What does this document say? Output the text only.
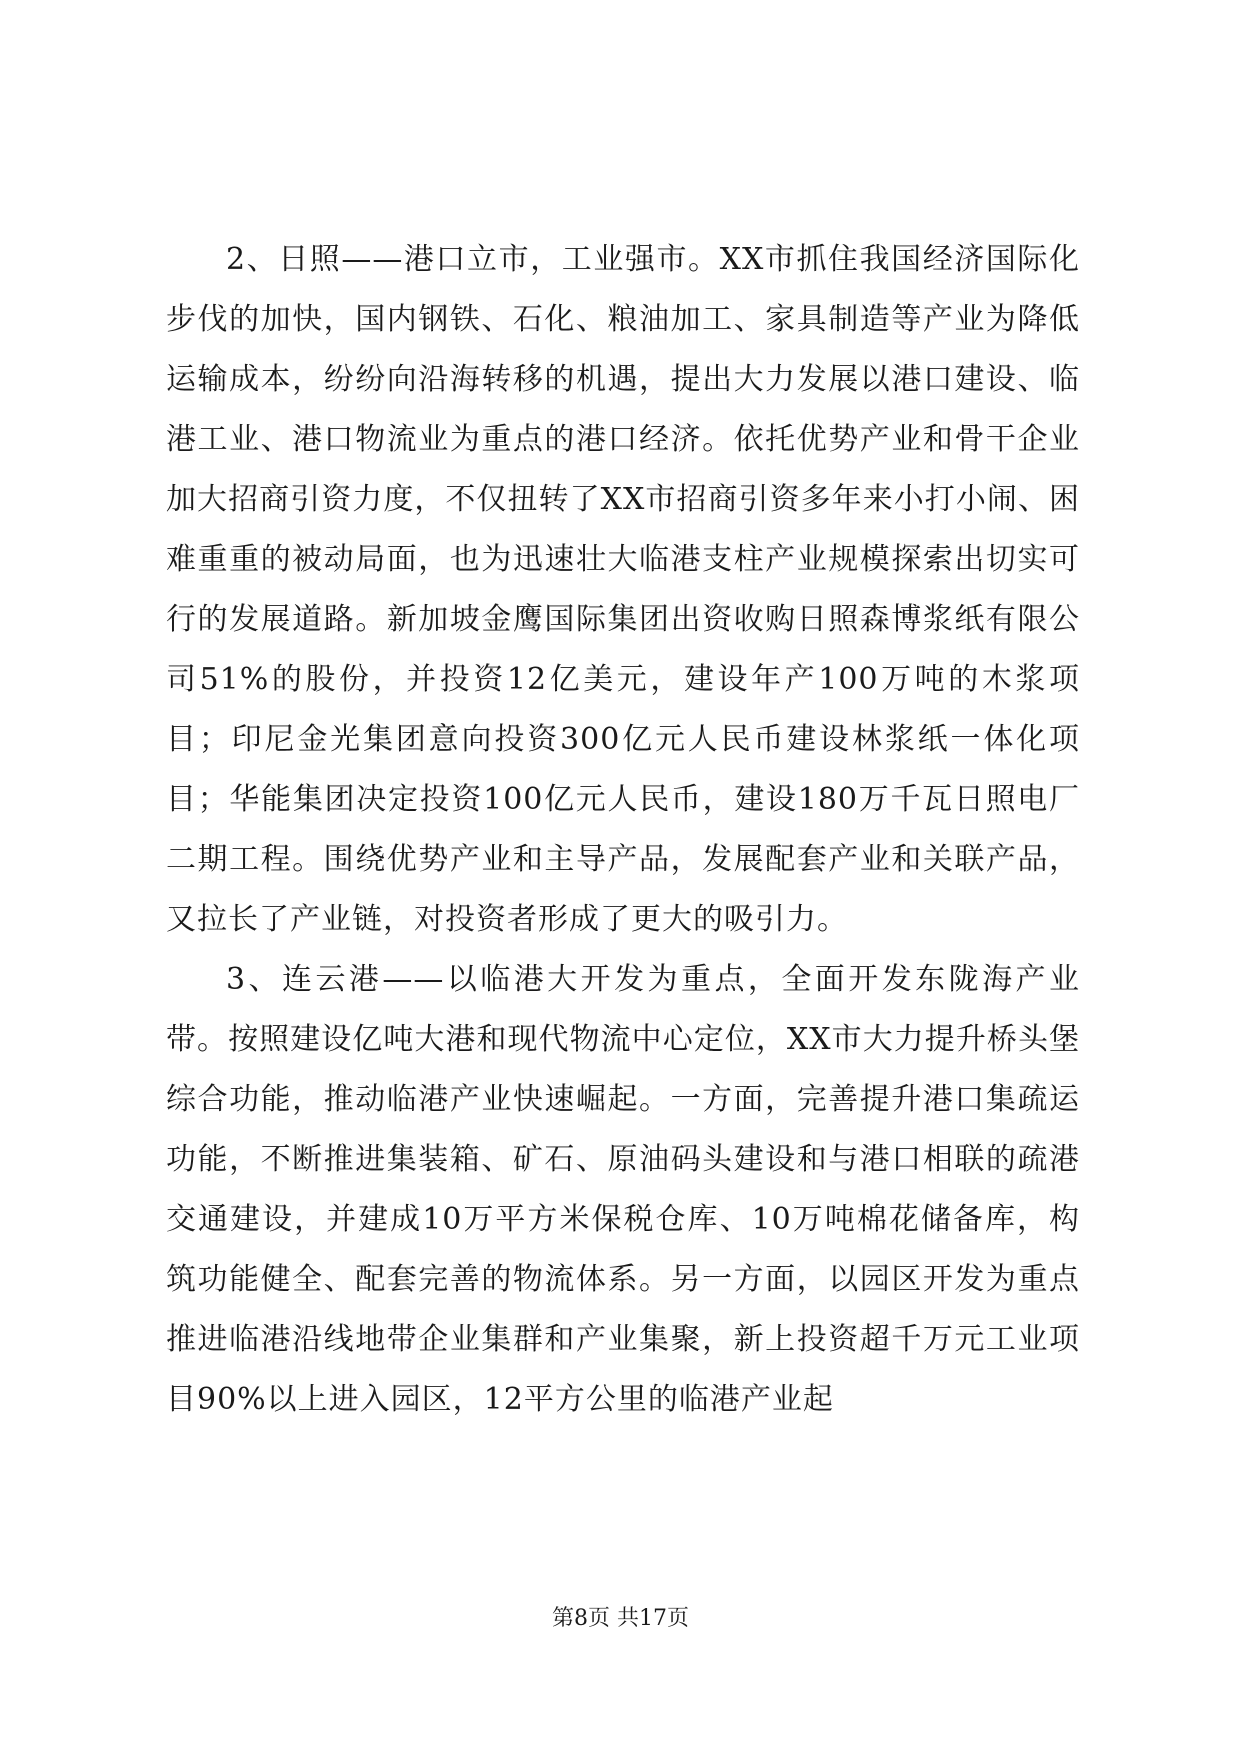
2、日照——港口立市，工业强市。XX市抓住我国经济国际化步伐的加快，国内钢铁、石化、粮油加工、家具制造等产业为降低运输成本，纷纷向沿海转移的机遇，提出大力发展以港口建设、临港工业、港口物流业为重点的港口经济。依托优势产业和骨干企业加大招商引资力度，不仅扭转了XX市招商引资多年来小打小闹、困难重重的被动局面，也为迅速壮大临港支柱产业规模探索出切实可行的发展道路。新加坡金鹰国际集团出资收购日照森博浆纸有限公司51%的股份，并投资12亿美元，建设年产100万吨的木浆项目；印尼金光集团意向投资300亿元人民币建设林浆纸一体化项目；华能集团决定投资100亿元人民币，建设180万千瓦日照电厂二期工程。围绕优势产业和主导产品，发展配套产业和关联产品，又拉长了产业链，对投资者形成了更大的吸引力。

3、连云港——以临港大开发为重点，全面开发东陇海产业带。按照建设亿吨大港和现代物流中心定位，XX市大力提升桥头堡综合功能，推动临港产业快速崛起。一方面，完善提升港口集疏运功能，不断推进集装箱、矿石、原油码头建设和与港口相联的疏港交通建设，并建成10万平方米保税仓库、10万吨棉花储备库，构筑功能健全、配套完善的物流体系。另一方面，以园区开发为重点推进临港沿线地带企业集群和产业集聚，新上投资超千万元工业项目90%以上进入园区，12平方公里的临港产业起

第8页 共17页
